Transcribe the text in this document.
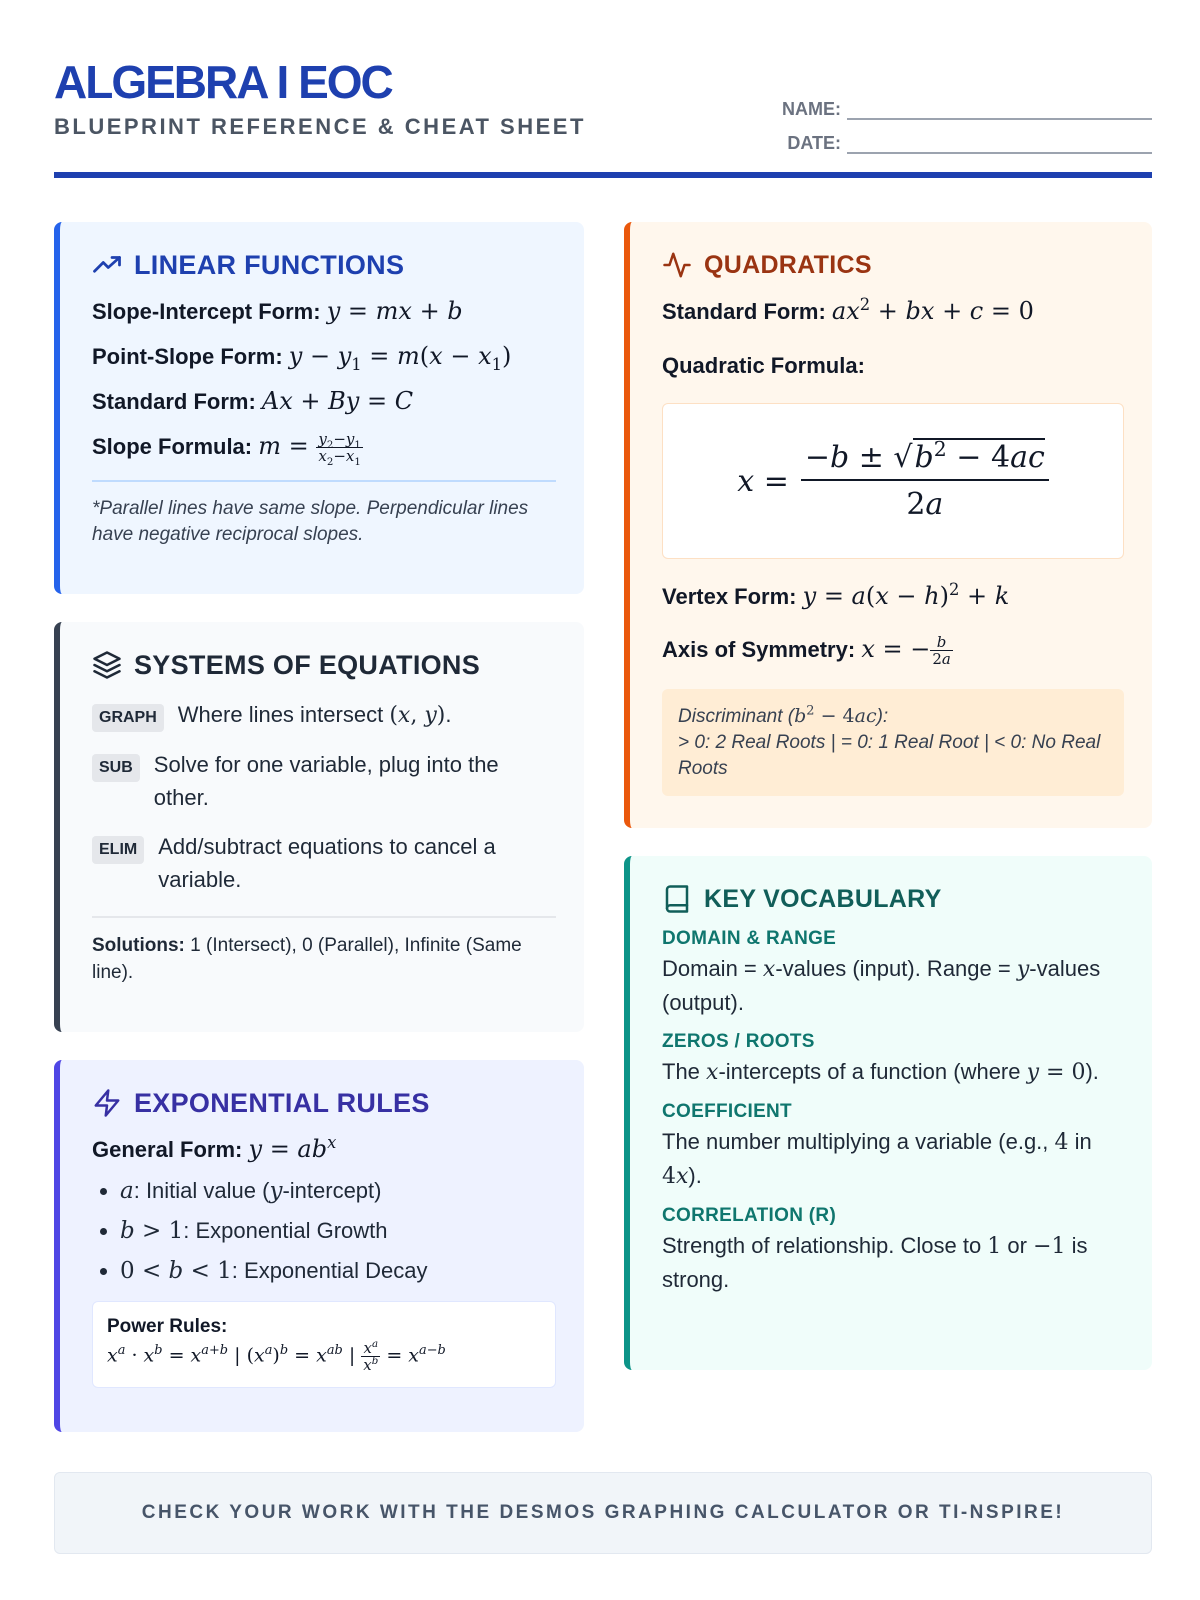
ALGEBRA I EOC
BLUEPRINT REFERENCE & CHEAT SHEET
NAME:
DATE:
LINEAR FUNCTIONS
Slope-Intercept Form: y = mx + b
Point-Slope Form: $y - y_1 = m(x - x_1)$
Standard Form: Ax + By = C
Slope Formula: $m = \frac{y_2-y_1}{x_2-x_1}$
*Parallel lines have same slope. Perpendicular lines have negative reciprocal slopes.
SYSTEMS OF EQUATIONS
GRAPH Where lines intersect (x, y).
SUB Solve for one variable, plug into the other.
ELIM Add/subtract equations to cancel a variable.
Solutions: 1 (Intersect), 0 (Parallel), Infinite (Same line).
EXPONENTIAL RULES
General Form: $y = ab^x$
• a: Initial value (y-intercept)
• b > 1: Exponential Growth
• 0 < b < 1: Exponential Decay
Power Rules:
$x^a \cdot x^b = x^{a+b}$ | $(x^a)^b = x^{ab}$ | $\frac{x^a}{x^b} = x^{a-b}$
QUADRATICS
Standard Form: $ax^2$ + bx + c = 0
Quadratic Formula:
$x = \frac{-b \pm √b^2 - 4ac}{2a}$
Vertex Form: $y = a(x - h)^2 + k$
Axis of Symmetry: x = − $\frac{b}{2a}$
Discriminant $(b^2 - 4ac)$:
> 0: 2 Real Roots | = 0: 1 Real Root | < 0: No Real Roots
KEY VOCABULARY
DOMAIN & RANGE
Domain = x-values (input). Range = y-values (output).
ZEROS / ROOTS
The x-intercepts of a function (where y = 0).
COEFFICIENT
The number multiplying a variable (e.g., 4 in 4x).
CORRELATION (R)
Strength of relationship. Close to 1 or −1 is strong.
CHECK YOUR WORK WITH THE DESMOS GRAPHING CALCULATOR OR TI-NSPIRE!
